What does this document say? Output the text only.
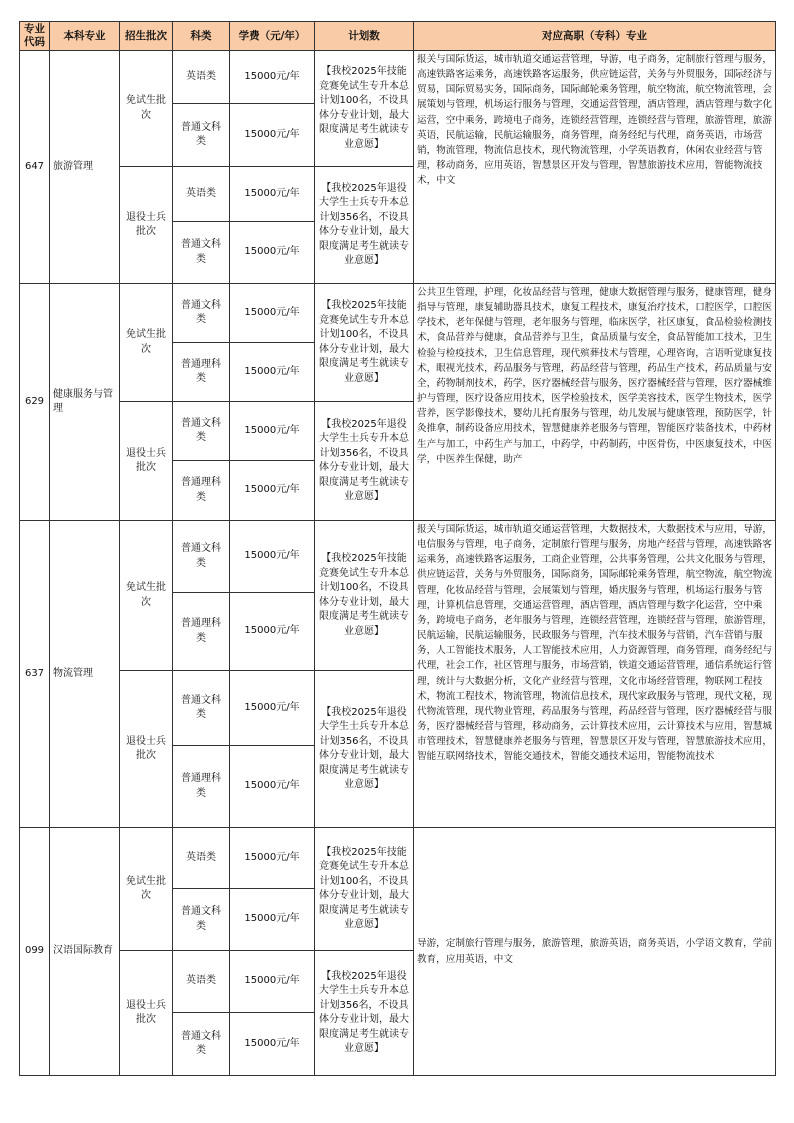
专业代码	本科专业	招生批次	科类	学费（元/年）	计划数	对应高职（专科）专业
647	旅游管理	免试生批次	英语类	15000元/年	【我校2025年技能竞赛免试生专升本总计划100名，不设具体分专业计划，最大限度满足考生就读专业意愿】	报关与国际货运，城市轨道交通运营管理，导游，电子商务，定制旅行管理与服务，高速铁路客运乘务，高速铁路客运服务，供应链运营，关务与外贸服务，国际经济与贸易，国际贸易实务，国际商务，国际邮轮乘务管理，航空物流，航空物流管理，会展策划与管理，机场运行服务与管理，交通运营管理，酒店管理，酒店管理与数字化运营，空中乘务，跨境电子商务，连锁经营管理，连锁经营与管理，旅游管理，旅游英语，民航运输，民航运输服务，商务管理，商务经纪与代理，商务英语，市场营销，物流管理，物流信息技术，现代物流管理，小学英语教育，休闲农业经营与管理，移动商务，应用英语，智慧景区开发与管理，智慧旅游技术应用，智能物流技术，中文
			普通文科类	15000元/年		
		退役士兵批次	英语类	15000元/年	【我校2025年退役大学生士兵专升本总计划356名，不设具体分专业计划，最大限度满足考生就读专业意愿】	
			普通文科类	15000元/年		
629	健康服务与管理	免试生批次	普通文科类	15000元/年	【我校2025年技能竞赛免试生专升本总计划100名，不设具体分专业计划，最大限度满足考生就读专业意愿】	公共卫生管理，护理，化妆品经营与管理，健康大数据管理与服务，健康管理，健身指导与管理，康复辅助器具技术，康复工程技术，康复治疗技术，口腔医学，口腔医学技术，老年保健与管理，老年服务与管理，临床医学，社区康复，食品检验检测技术，食品营养与健康，食品营养与卫生，食品质量与安全，食品智能加工技术，卫生检验与检疫技术，卫生信息管理，现代殡葬技术与管理，心理咨询，言语听觉康复技术，眼视光技术，药品服务与管理，药品经营与管理，药品生产技术，药品质量与安全，药物制剂技术，药学，医疗器械经营与服务，医疗器械经营与管理，医疗器械维护与管理，医疗设备应用技术，医学检验技术，医学美容技术，医学生物技术，医学营养，医学影像技术，婴幼儿托育服务与管理，幼儿发展与健康管理，预防医学，针灸推拿，制药设备应用技术，智慧健康养老服务与管理，智能医疗装备技术，中药材生产与加工，中药生产与加工，中药学，中药制药，中医骨伤，中医康复技术，中医学，中医养生保健，助产
			普通理科类	15000元/年		
		退役士兵批次	普通文科类	15000元/年	【我校2025年退役大学生士兵专升本总计划356名，不设具体分专业计划，最大限度满足考生就读专业意愿】	
			普通理科类	15000元/年		
637	物流管理	免试生批次	普通文科类	15000元/年	【我校2025年技能竞赛免试生专升本总计划100名，不设具体分专业计划，最大限度满足考生就读专业意愿】	报关与国际货运，城市轨道交通运营管理，大数据技术，大数据技术与应用，导游，电信服务与管理，电子商务，定制旅行管理与服务，房地产经营与管理，高速铁路客运乘务，高速铁路客运服务，工商企业管理，公共事务管理，公共文化服务与管理，供应链运营，关务与外贸服务，国际商务，国际邮轮乘务管理，航空物流，航空物流管理，化妆品经营与管理，会展策划与管理，婚庆服务与管理，机场运行服务与管理，计算机信息管理，交通运营管理，酒店管理，酒店管理与数字化运营，空中乘务，跨境电子商务，老年服务与管理，连锁经营管理，连锁经营与管理，旅游管理，民航运输，民航运输服务，民政服务与管理，汽车技术服务与营销，汽车营销与服务，人工智能技术服务，人工智能技术应用，人力资源管理，商务管理，商务经纪与代理，社会工作，社区管理与服务，市场营销，铁道交通运营管理，通信系统运行管理，统计与大数据分析，文化产业经营与管理，文化市场经营管理，物联网工程技术，物流工程技术，物流管理，物流信息技术，现代家政服务与管理，现代文秘，现代物流管理，现代物业管理，药品服务与管理，药品经营与管理，医疗器械经营与服务，医疗器械经营与管理，移动商务，云计算技术应用，云计算技术与应用，智慧城市管理技术，智慧健康养老服务与管理，智慧景区开发与管理，智慧旅游技术应用，智能互联网络技术，智能交通技术，智能交通技术运用，智能物流技术
			普通理科类	15000元/年		
		退役士兵批次	普通文科类	15000元/年	【我校2025年退役大学生士兵专升本总计划356名，不设具体分专业计划，最大限度满足考生就读专业意愿】	
			普通理科类	15000元/年		
099	汉语国际教育	免试生批次	英语类	15000元/年	【我校2025年技能竞赛免试生专升本总计划100名，不设具体分专业计划，最大限度满足考生就读专业意愿】	导游，定制旅行管理与服务，旅游管理，旅游英语，商务英语，小学语文教育，学前教育，应用英语，中文
			普通文科类	15000元/年		
		退役士兵批次	英语类	15000元/年	【我校2025年退役大学生士兵专升本总计划356名，不设具体分专业计划，最大限度满足考生就读专业意愿】	
			普通文科类	15000元/年		
